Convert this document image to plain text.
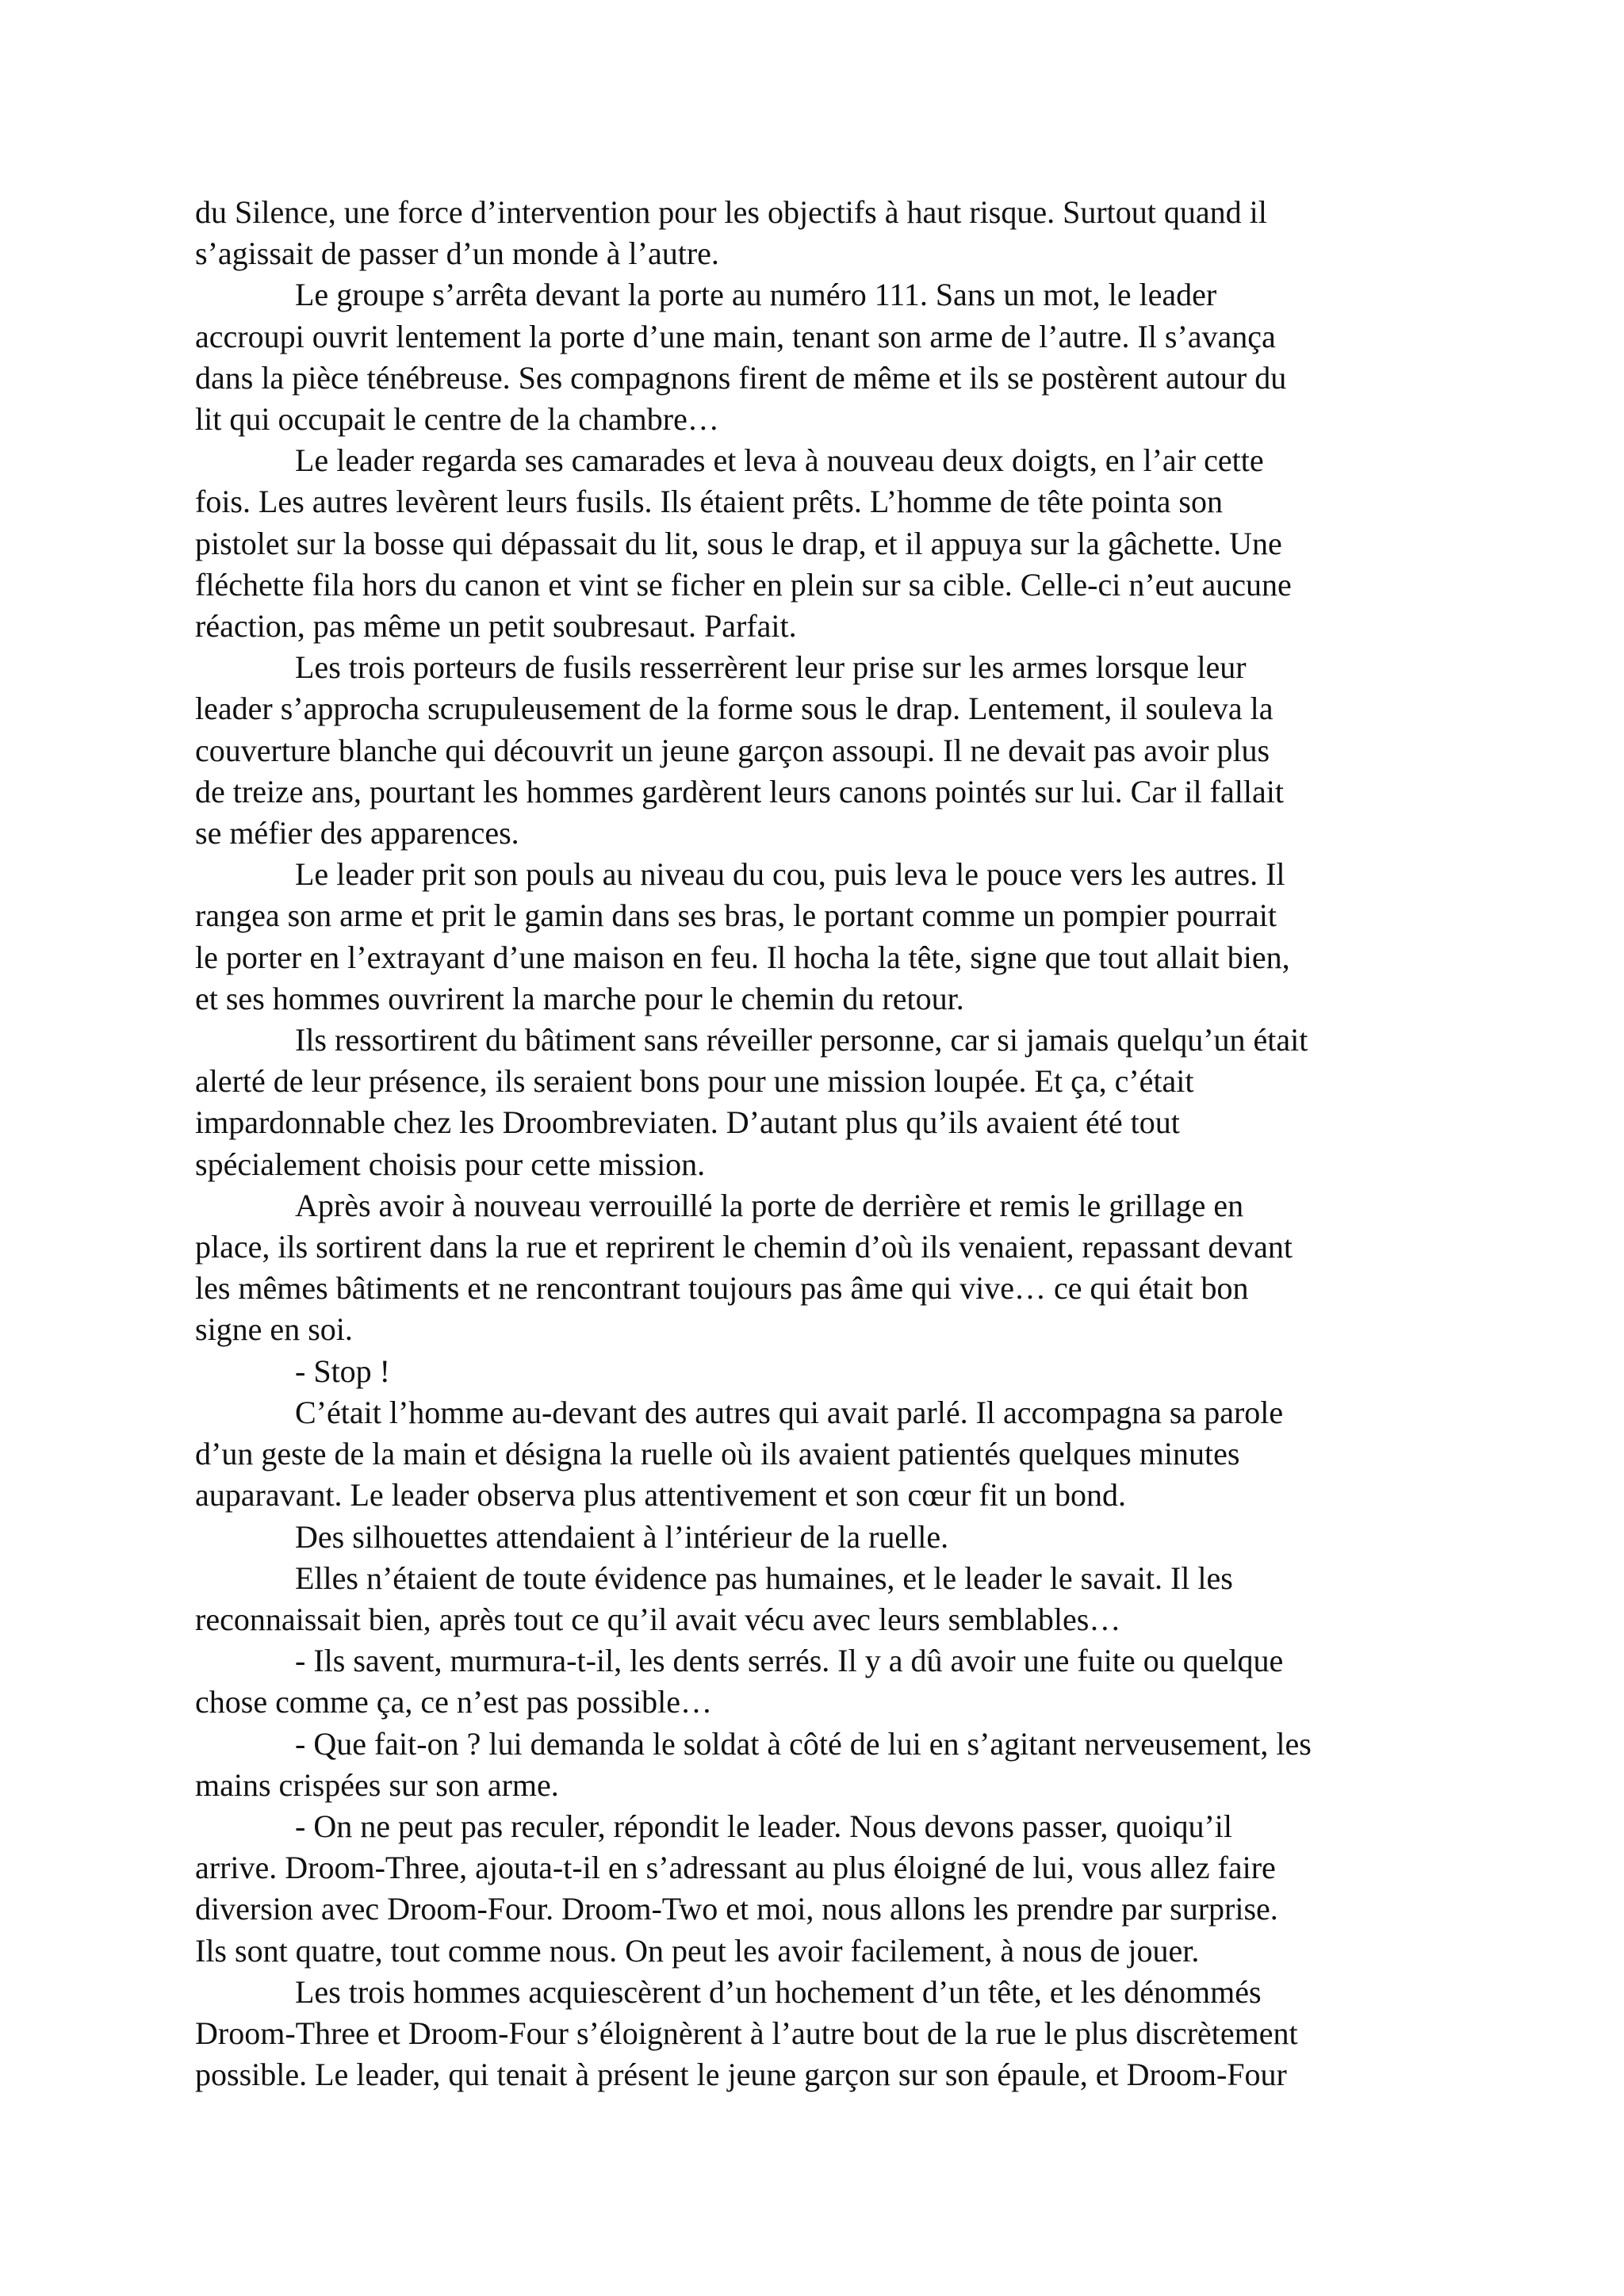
du Silence, une force d’intervention pour les objectifs à haut risque. Surtout quand il

s’agissait de passer d’un monde à l’autre.

Le groupe s’arrêta devant la porte au numéro 111. Sans un mot, le leader

accroupi ouvrit lentement la porte d’une main, tenant son arme de l’autre. Il s’avança

dans la pièce ténébreuse. Ses compagnons firent de même et ils se postèrent autour du

lit qui occupait le centre de la chambre…

Le leader regarda ses camarades et leva à nouveau deux doigts, en l’air cette

fois. Les autres levèrent leurs fusils. Ils étaient prêts. L’homme de tête pointa son

pistolet sur la bosse qui dépassait du lit, sous le drap, et il appuya sur la gâchette. Une

fléchette fila hors du canon et vint se ficher en plein sur sa cible. Celle-ci n’eut aucune

réaction, pas même un petit soubresaut. Parfait.

Les trois porteurs de fusils resserrèrent leur prise sur les armes lorsque leur

leader s’approcha scrupuleusement de la forme sous le drap. Lentement, il souleva la

couverture blanche qui découvrit un jeune garçon assoupi. Il ne devait pas avoir plus

de treize ans, pourtant les hommes gardèrent leurs canons pointés sur lui. Car il fallait

se méfier des apparences.

Le leader prit son pouls au niveau du cou, puis leva le pouce vers les autres. Il

rangea son arme et prit le gamin dans ses bras, le portant comme un pompier pourrait

le porter en l’extrayant d’une maison en feu. Il hocha la tête, signe que tout allait bien,

et ses hommes ouvrirent la marche pour le chemin du retour.

Ils ressortirent du bâtiment sans réveiller personne, car si jamais quelqu’un était

alerté de leur présence, ils seraient bons pour une mission loupée. Et ça, c’était

impardonnable chez les Droombreviaten. D’autant plus qu’ils avaient été tout

spécialement choisis pour cette mission.

Après avoir à nouveau verrouillé la porte de derrière et remis le grillage en

place, ils sortirent dans la rue et reprirent le chemin d’où ils venaient, repassant devant

les mêmes bâtiments et ne rencontrant toujours pas âme qui vive… ce qui était bon

signe en soi.

- Stop !

C’était l’homme au-devant des autres qui avait parlé. Il accompagna sa parole

d’un geste de la main et désigna la ruelle où ils avaient patientés quelques minutes

auparavant. Le leader observa plus attentivement et son cœur fit un bond.

Des silhouettes attendaient à l’intérieur de la ruelle.

Elles n’étaient de toute évidence pas humaines, et le leader le savait. Il les

reconnaissait bien, après tout ce qu’il avait vécu avec leurs semblables…

- Ils savent, murmura-t-il, les dents serrés. Il y a dû avoir une fuite ou quelque

chose comme ça, ce n’est pas possible…

- Que fait-on ? lui demanda le soldat à côté de lui en s’agitant nerveusement, les

mains crispées sur son arme.

- On ne peut pas reculer, répondit le leader. Nous devons passer, quoiqu’il

arrive. Droom-Three, ajouta-t-il en s’adressant au plus éloigné de lui, vous allez faire

diversion avec Droom-Four. Droom-Two et moi, nous allons les prendre par surprise.

Ils sont quatre, tout comme nous. On peut les avoir facilement, à nous de jouer.

Les trois hommes acquiescèrent d’un hochement d’un tête, et les dénommés

Droom-Three et Droom-Four s’éloignèrent à l’autre bout de la rue le plus discrètement

possible. Le leader, qui tenait à présent le jeune garçon sur son épaule, et Droom-Four
